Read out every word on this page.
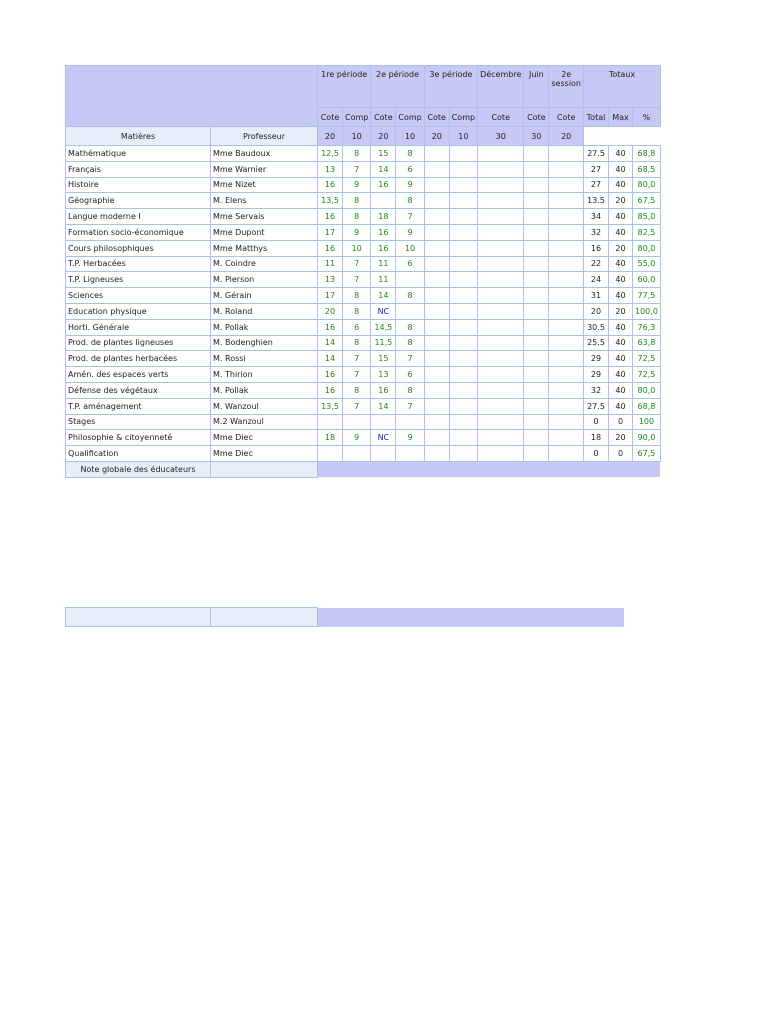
		1re période		2e période		3e période		Décembre	Juin	2e session	Totaux		
		Cote	Comp	Cote	Comp	Cote	Comp	Cote	Cote	Cote	Total	Max	%
Matières	Professeur	20	10	20	10	20	10	30	30	20			
Mathématique	Mme Baudoux	12,5	8	15	8						27.5	40	68,8
Français	Mme Warnier	13	7	14	6						27	40	68,5
Histoire	Mme Nizet	16	9	16	9						27	40	80,0
Géographie	M. Elens	13,5	8		8						13.5	20	67,5
Langue moderne I	Mme Servais	16	8	18	7						34	40	85,0
Formation socio-économique	Mme Dupont	17	9	16	9						32	40	82,5
Cours philosophiques	Mme Matthys	16	10	16	10						16	20	80,0
T.P. Herbacées	M. Coindre	11	7	11	6						22	40	55,0
T.P. Ligneuses	M. Pierson	13	7	11							24	40	60,0
Sciences	M. Gérain	17	8	14	8						31	40	77,5
Education physique	M. Roland	20	8	NC							20	20	100,0
Horti. Générale	M. Pollak	16	6	14,5	8						30.5	40	76,3
Prod. de plantes ligneuses	M. Bodenghien	14	8	11,5	8						25.5	40	63,8
Prod. de plantes herbacées	M. Rossi	14	7	15	7						29	40	72,5
Amén. des espaces verts	M. Thirion	16	7	13	6						29	40	72,5
Défense des végétaux	M. Pollak	16	8	16	8						32	40	80,0
T.P. aménagement	M. Wanzoul	13,5	7	14	7						27.5	40	68,8
Stages	M.2 Wanzoul										0	0	100
Philosophie & citoyenneté	Mme Diec	18	9	NC	9						18	20	90,0
Qualification	Mme Diec										0	0	67,5
Note globale des éducateurs													
